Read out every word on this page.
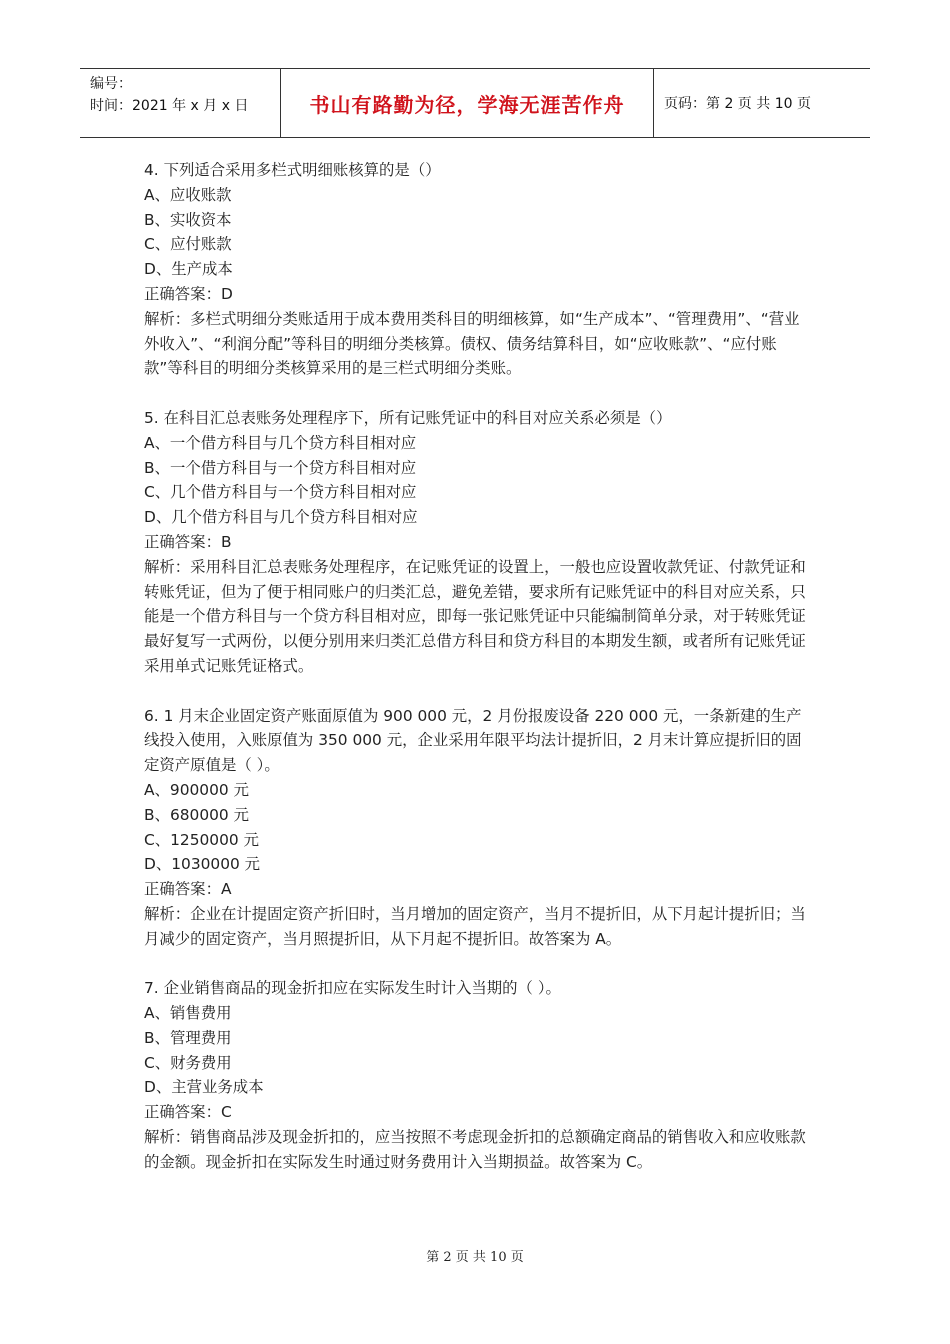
编号：
时间：2021 年 x 月 x 日	书山有路勤为径，学海无涯苦作舟	页码：第 2 页 共 10 页

4. 下列适合采用多栏式明细账核算的是（）

A、应收账款

B、实收资本

C、应付账款

D、生产成本

正确答案：D

解析：多栏式明细分类账适用于成本费用类科目的明细核算，如“生产成本”、“管理费用”、“营业外收入”、“利润分配”等科目的明细分类核算。债权、债务结算科目，如“应收账款”、“应付账款”等科目的明细分类核算采用的是三栏式明细分类账。

5. 在科目汇总表账务处理程序下，所有记账凭证中的科目对应关系必须是（）

A、一个借方科目与几个贷方科目相对应

B、一个借方科目与一个贷方科目相对应

C、几个借方科目与一个贷方科目相对应

D、几个借方科目与几个贷方科目相对应

正确答案：B

解析：采用科目汇总表账务处理程序，在记账凭证的设置上，一般也应设置收款凭证、付款凭证和转账凭证，但为了便于相同账户的归类汇总，避免差错，要求所有记账凭证中的科目对应关系，只能是一个借方科目与一个贷方科目相对应，即每一张记账凭证中只能编制简单分录，对于转账凭证最好复写一式两份，以便分别用来归类汇总借方科目和贷方科目的本期发生额，或者所有记账凭证采用单式记账凭证格式。

6. 1 月末企业固定资产账面原值为 900 000 元，2 月份报废设备 220 000 元，一条新建的生产线投入使用，入账原值为 350 000 元，企业采用年限平均法计提折旧，2 月末计算应提折旧的固定资产原值是（ ）。

A、900000 元

B、680000 元

C、1250000 元

D、1030000 元

正确答案：A

解析：企业在计提固定资产折旧时，当月增加的固定资产，当月不提折旧，从下月起计提折旧；当月减少的固定资产，当月照提折旧，从下月起不提折旧。故答案为 A。

7. 企业销售商品的现金折扣应在实际发生时计入当期的（ ）。

A、销售费用

B、管理费用

C、财务费用

D、主营业务成本

正确答案：C

解析：销售商品涉及现金折扣的，应当按照不考虑现金折扣的总额确定商品的销售收入和应收账款的金额。现金折扣在实际发生时通过财务费用计入当期损益。故答案为 C。

第 2 页 共 10 页
